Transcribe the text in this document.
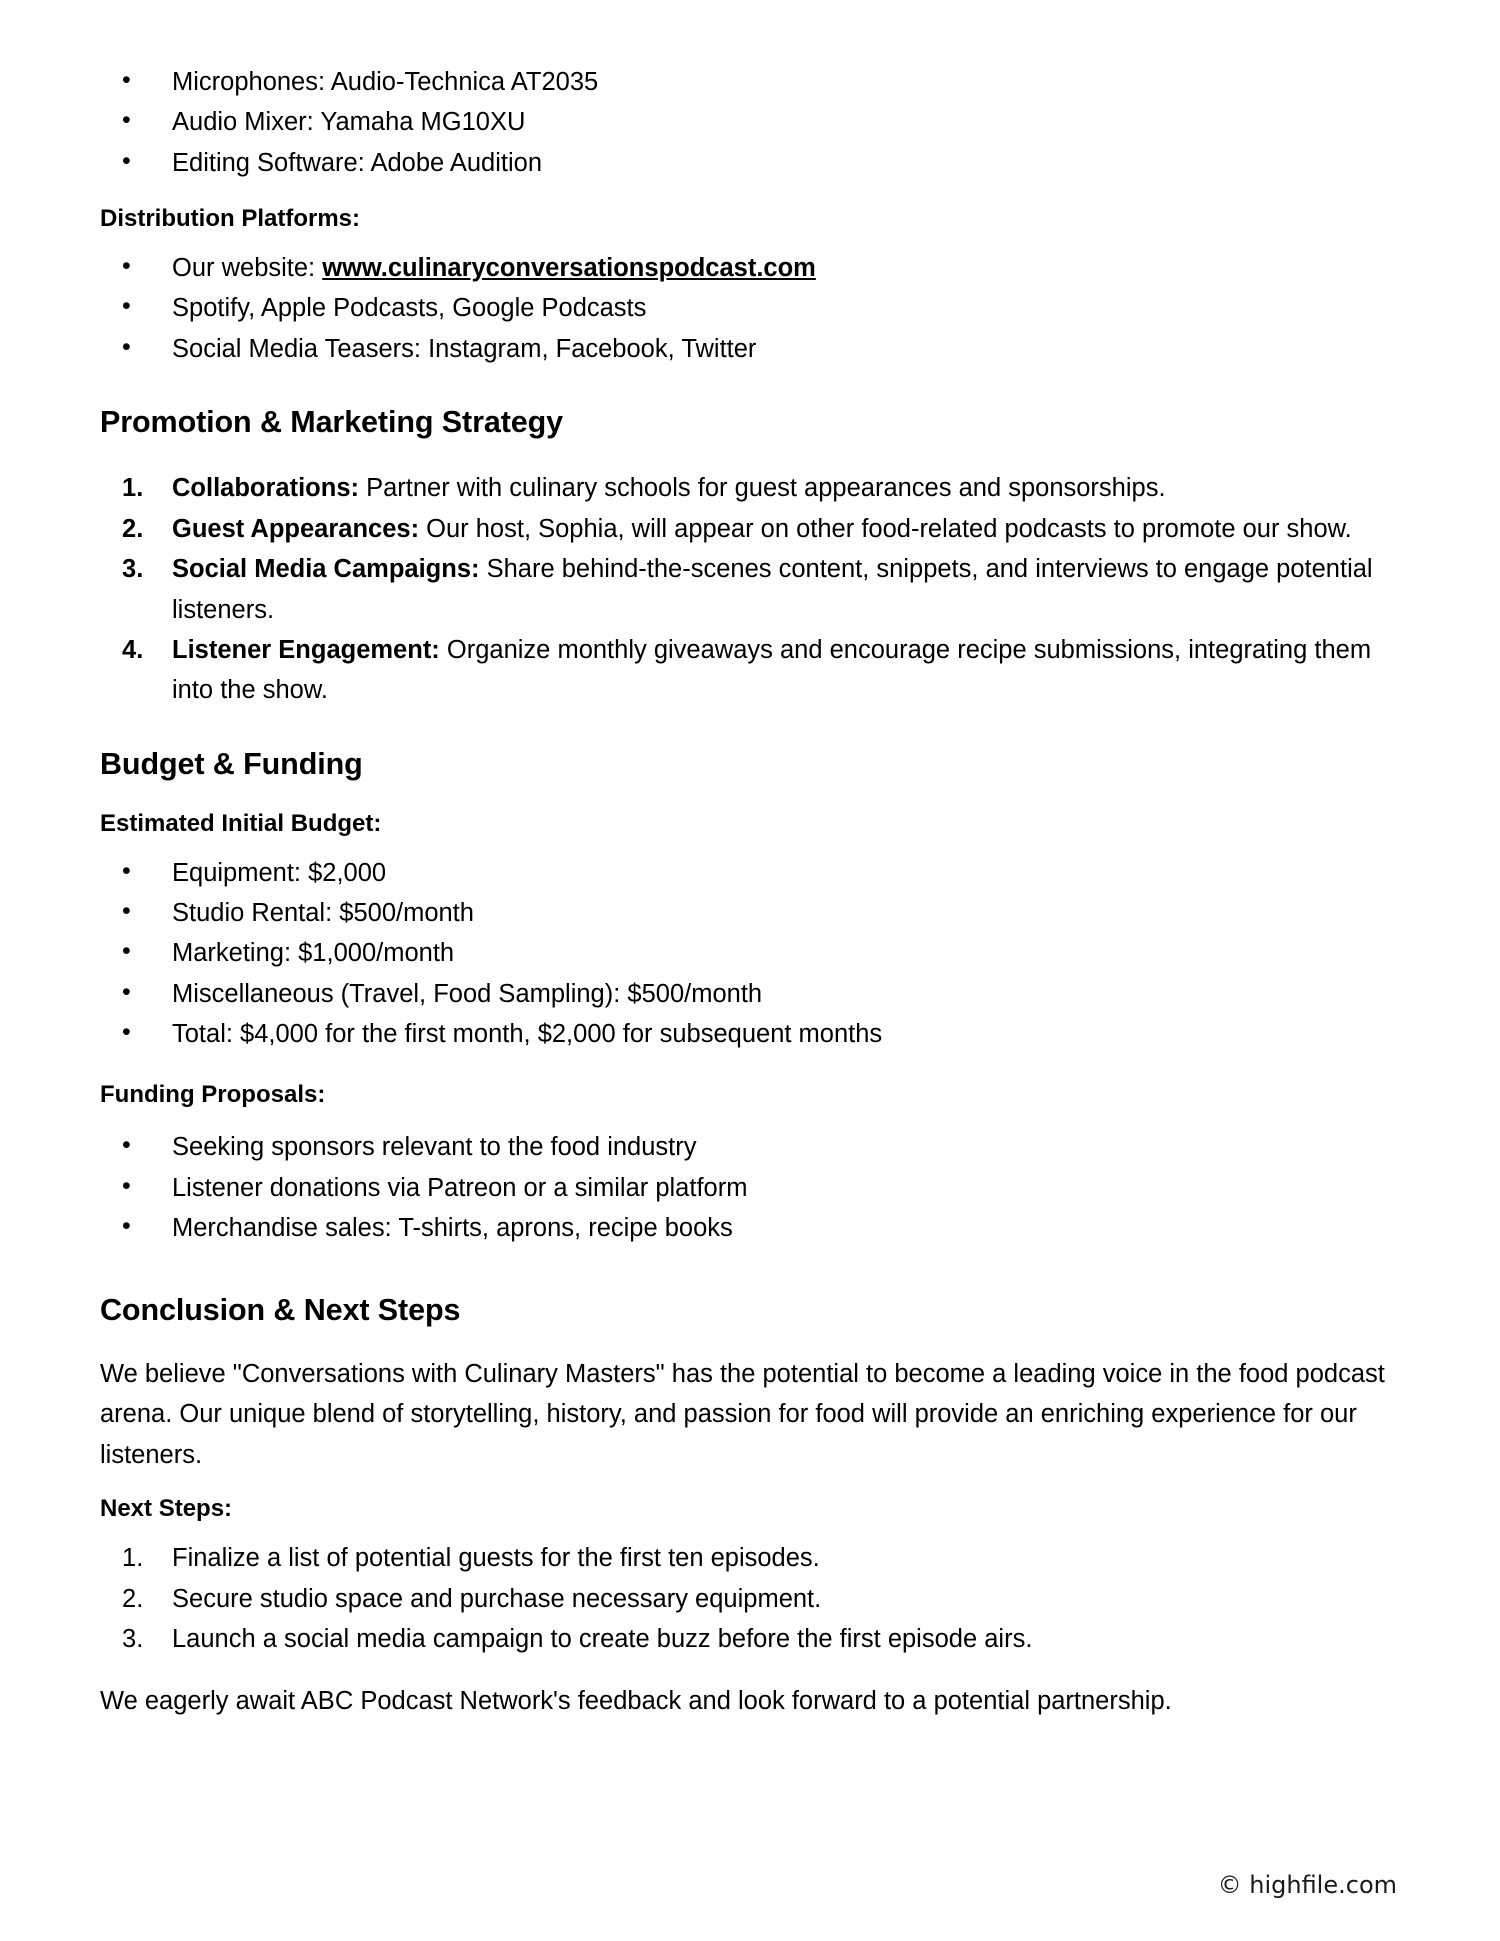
• Microphones: Audio-Technica AT2035
• Audio Mixer: Yamaha MG10XU
• Editing Software: Adobe Audition
Distribution Platforms:
• Our website: www.culinaryconversationspodcast.com
• Spotify, Apple Podcasts, Google Podcasts
• Social Media Teasers: Instagram, Facebook, Twitter
Promotion & Marketing Strategy
Collaborations: Partner with culinary schools for guest appearances and sponsorships.
Guest Appearances: Our host, Sophia, will appear on other food-related podcasts to promote our show.
Social Media Campaigns: Share behind-the-scenes content, snippets, and interviews to engage potential listeners.
Listener Engagement: Organize monthly giveaways and encourage recipe submissions, integrating them into the show.
Budget & Funding
Estimated Initial Budget:
• Equipment: $2,000
• Studio Rental: $500/month
• Marketing: $1,000/month
• Miscellaneous (Travel, Food Sampling): $500/month
• Total: $4,000 for the first month, $2,000 for subsequent months
Funding Proposals:
• Seeking sponsors relevant to the food industry
• Listener donations via Patreon or a similar platform
• Merchandise sales: T-shirts, aprons, recipe books
Conclusion & Next Steps

We believe "Conversations with Culinary Masters" has the potential to become a leading voice in the food podcast arena. Our unique blend of storytelling, history, and passion for food will provide an enriching experience for our listeners.

Next Steps:
Finalize a list of potential guests for the first ten episodes.
Secure studio space and purchase necessary equipment.
Launch a social media campaign to create buzz before the first episode airs.

We eagerly await ABC Podcast Network's feedback and look forward to a potential partnership.

© highfile.com
